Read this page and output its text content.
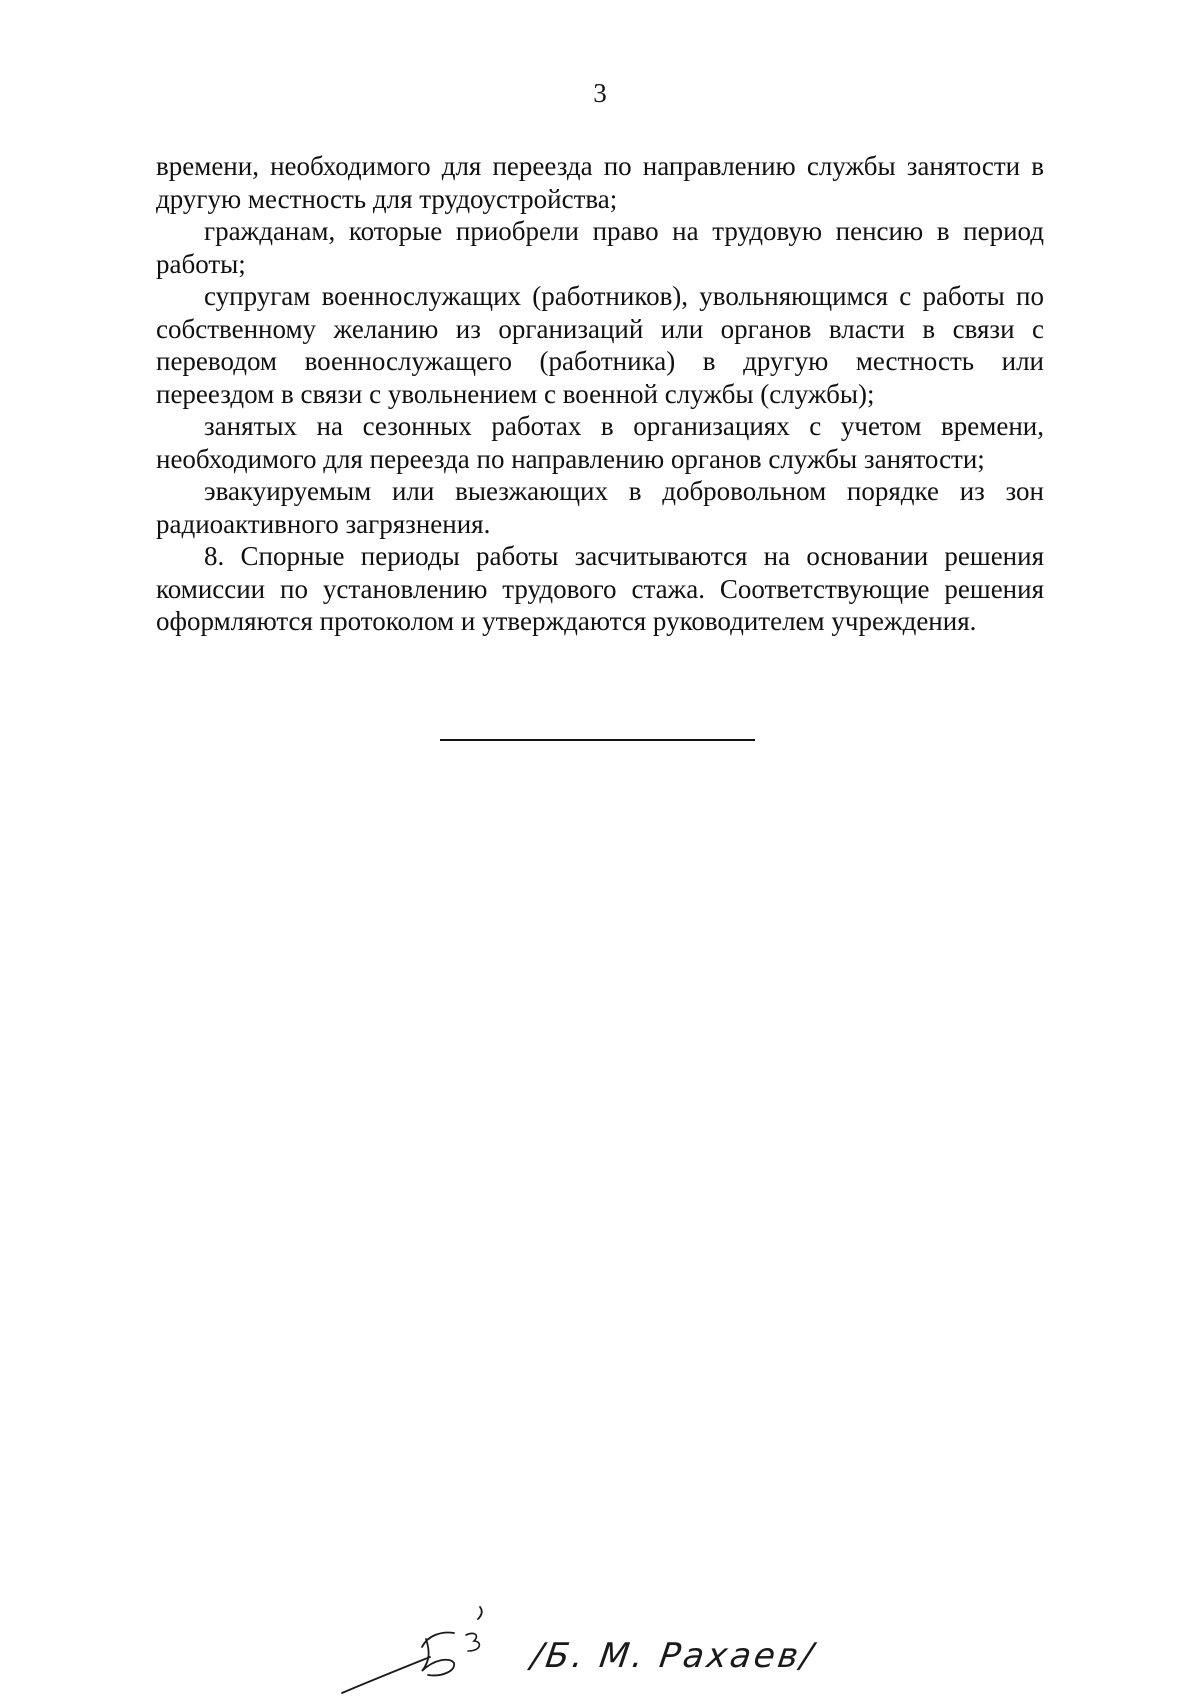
3

времени, необходимого для переезда по направлению службы занятости в другую местность для трудоустройства;

гражданам, которые приобрели право на трудовую пенсию в период работы;

супругам военнослужащих (работников), увольняющимся с работы по собственному желанию из организаций или органов власти в связи с переводом военнослужащего (работника) в другую местность или переездом в связи с увольнением с военной службы (службы);

занятых на сезонных работах в организациях с учетом времени, необходимого для переезда по направлению органов службы занятости;

эвакуируемым или выезжающих в добровольном порядке из зон радиоактивного загрязнения.

8. Спорные периоды работы засчитываются на основании решения комиссии по установлению трудового стажа. Соответствующие решения оформляются протоколом и утверждаются руководителем учреждения.

/Б. М. Рахаев/
